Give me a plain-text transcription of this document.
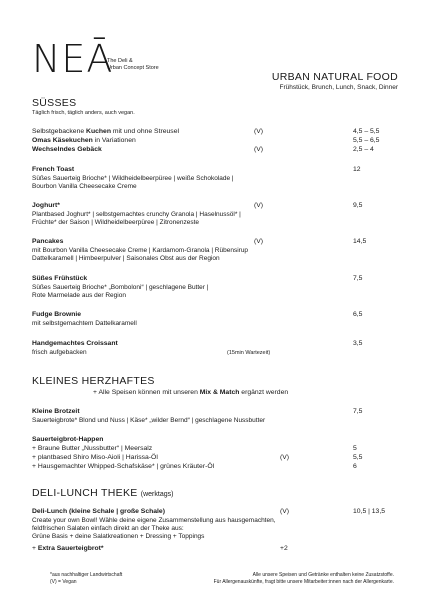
NEĀ
The Deli &
Urban Concept Store
URBAN NATURAL FOOD
Frühstück, Brunch, Lunch, Snack, Dinner
SÜSSES
Täglich frisch, täglich anders, auch vegan.
Selbstgebackene Kuchen mit und ohne Streusel	(V)	4,5 – 5,5
Omas Käsekuchen in Variationen	5,5 – 6,5
Wechselndes Gebäck	(V)	2,5 – 4
French Toast	12
Süßes Sauerteig Brioche* | Wildheidelbeerpüree | weiße Schokolade |
Bourbon Vanilla Cheesecake Creme
Joghurt*	(V)	9,5
Plantbased Joghurt* | selbstgemachtes crunchy Granola | Haselnussöl* |
Früchte* der Saison | Wildheidelbeerpüree | Zitronenzeste
Pancakes	(V)	14,5
mit Bourbon Vanilla Cheesecake Creme | Kardamom-Granola | Rübensirup
Dattelkaramell | Himbeerpulver | Saisonales Obst aus der Region
Süßes Frühstück	7,5
Süßes Sauerteig Brioche* „Bomboloni“ | geschlagene Butter |
Rote Marmelade aus der Region
Fudge Brownie	6,5
mit selbstgemachtem Dattelkaramell
Handgemachtes Croissant	3,5
frisch aufgebacken	(15min Wartezeit)
KLEINES HERZHAFTES
+ Alle Speisen können mit unseren Mix & Match ergänzt werden
Kleine Brotzeit	7,5
Sauerteigbrote* Blond und Nuss | Käse* „wilder Bernd“ | geschlagene Nussbutter
Sauerteigbrot-Happen
+ Braune Butter „Nussbutter“ | Meersalz	5
+ plantbased Shiro Miso-Aioli | Harissa-Öl	(V)	5,5
+ Hausgemachter Whipped-Schafskäse* | grünes Kräuter-Öl	6
DELI-LUNCH THEKE (werktags)
Deli-Lunch (kleine Schale | große Schale)	(V)	10,5 | 13,5
Create your own Bowl! Wähle deine eigene Zusammenstellung aus hausgemachten,
feldfrischen Salaten einfach direkt an der Theke aus:
Grüne Basis + deine Salatkreationen + Dressing + Toppings
+ Extra Sauerteigbrot*	+2
*aus nachhaltiger Landwirtschaft
(V) = Vegan
Alle unsere Speisen und Getränke enthalten keine Zusatzstoffe.
Für Allergenauskünfte, fragt bitte unsere Mitarbeiter:innen nach der Allergenkarte.
